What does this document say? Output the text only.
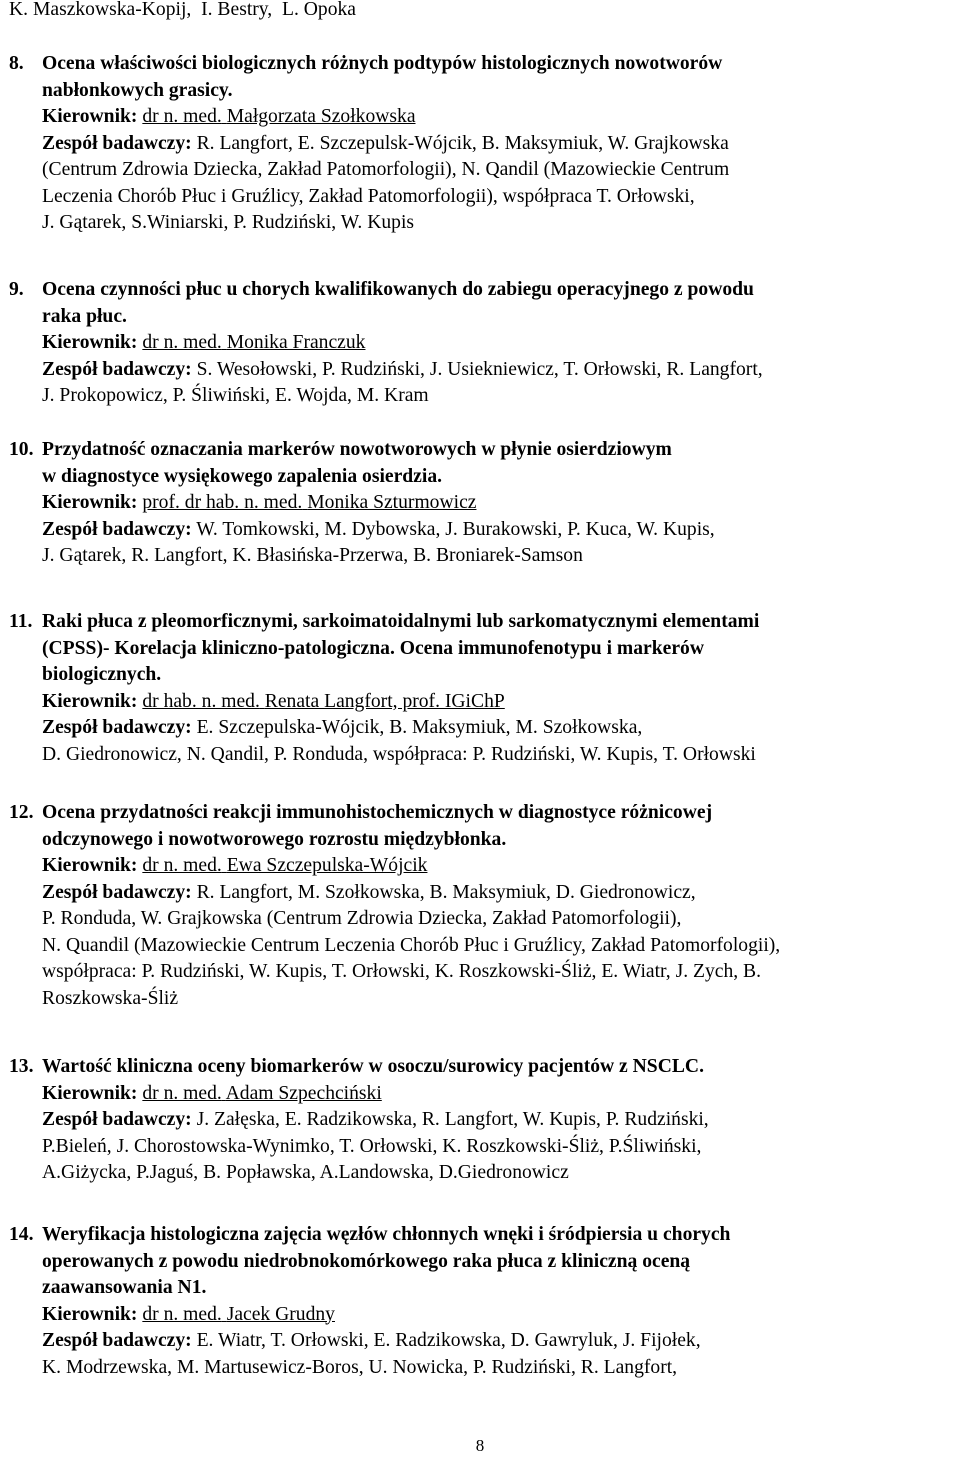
K. Maszkowska-Kopij,  I. Bestry,  L. Opoka
8. Ocena właściwości biologicznych różnych podtypów histologicznych nowotworów
nabłonkowych grasicy.
Kierownik: dr n. med. Małgorzata Szołkowska
Zespół badawczy: R. Langfort, E. Szczepulsk-Wójcik, B. Maksymiuk, W. Grajkowska
(Centrum Zdrowia Dziecka, Zakład Patomorfologii), N. Qandil (Mazowieckie Centrum
Leczenia Chorób Płuc i Gruźlicy, Zakład Patomorfologii), współpraca T. Orłowski,
J. Gątarek, S.Winiarski, P. Rudziński, W. Kupis
9. Ocena czynności płuc u chorych kwalifikowanych do zabiegu operacyjnego z powodu
raka płuc.
Kierownik: dr n. med. Monika Franczuk
Zespół badawczy: S. Wesołowski, P. Rudziński, J. Usiekniewicz, T. Orłowski, R. Langfort,
J. Prokopowicz, P. Śliwiński, E. Wojda, M. Kram
10. Przydatność oznaczania markerów nowotworowych w płynie osierdziowym
w diagnostyce wysiękowego zapalenia osierdzia.
Kierownik: prof. dr hab. n. med. Monika Szturmowicz
Zespół badawczy: W. Tomkowski, M. Dybowska, J. Burakowski, P. Kuca, W. Kupis,
J. Gątarek, R. Langfort, K. Błasińska-Przerwa, B. Broniarek-Samson
11. Raki płuca z pleomorficznymi, sarkoimatoidalnymi lub sarkomatycznymi elementami
(CPSS)- Korelacja kliniczno-patologiczna. Ocena immunofenotypu i markerów
biologicznych.
Kierownik: dr hab. n. med. Renata Langfort, prof. IGiChP
Zespół badawczy: E. Szczepulska-Wójcik, B. Maksymiuk, M. Szołkowska,
D. Giedronowicz, N. Qandil, P. Ronduda, współpraca: P. Rudziński, W. Kupis, T. Orłowski
12. Ocena przydatności reakcji immunohistochemicznych w diagnostyce różnicowej
odczynowego i nowotworowego rozrostu międzybłonka.
Kierownik: dr n. med. Ewa Szczepulska-Wójcik
Zespół badawczy: R. Langfort, M. Szołkowska, B. Maksymiuk, D. Giedronowicz,
P. Ronduda, W. Grajkowska (Centrum Zdrowia Dziecka, Zakład Patomorfologii),
N. Quandil (Mazowieckie Centrum Leczenia Chorób Płuc i Gruźlicy, Zakład Patomorfologii),
współpraca: P. Rudziński, W. Kupis, T. Orłowski, K. Roszkowski-Śliż, E. Wiatr, J. Zych, B.
Roszkowska-Śliż
13. Wartość kliniczna oceny biomarkerów w osoczu/surowicy pacjentów z NSCLC.
Kierownik: dr n. med. Adam Szpechciński
Zespół badawczy: J. Załęska, E. Radzikowska, R. Langfort, W. Kupis, P. Rudziński,
P.Bieleń, J. Chorostowska-Wynimko, T. Orłowski, K. Roszkowski-Śliż, P.Śliwiński,
A.Giżycka, P.Jaguś, B. Popławska, A.Landowska, D.Giedronowicz
14. Weryfikacja histologiczna zajęcia węzłów chłonnych wnęki i śródpiersia u chorych
operowanych z powodu niedrobnokomórkowego raka płuca z kliniczną oceną
zaawansowania N1.
Kierownik: dr n. med. Jacek Grudny
Zespół badawczy: E. Wiatr, T. Orłowski, E. Radzikowska, D. Gawryluk, J. Fijołek,
K. Modrzewska, M. Martusewicz-Boros, U. Nowicka, P. Rudziński, R. Langfort,
8
